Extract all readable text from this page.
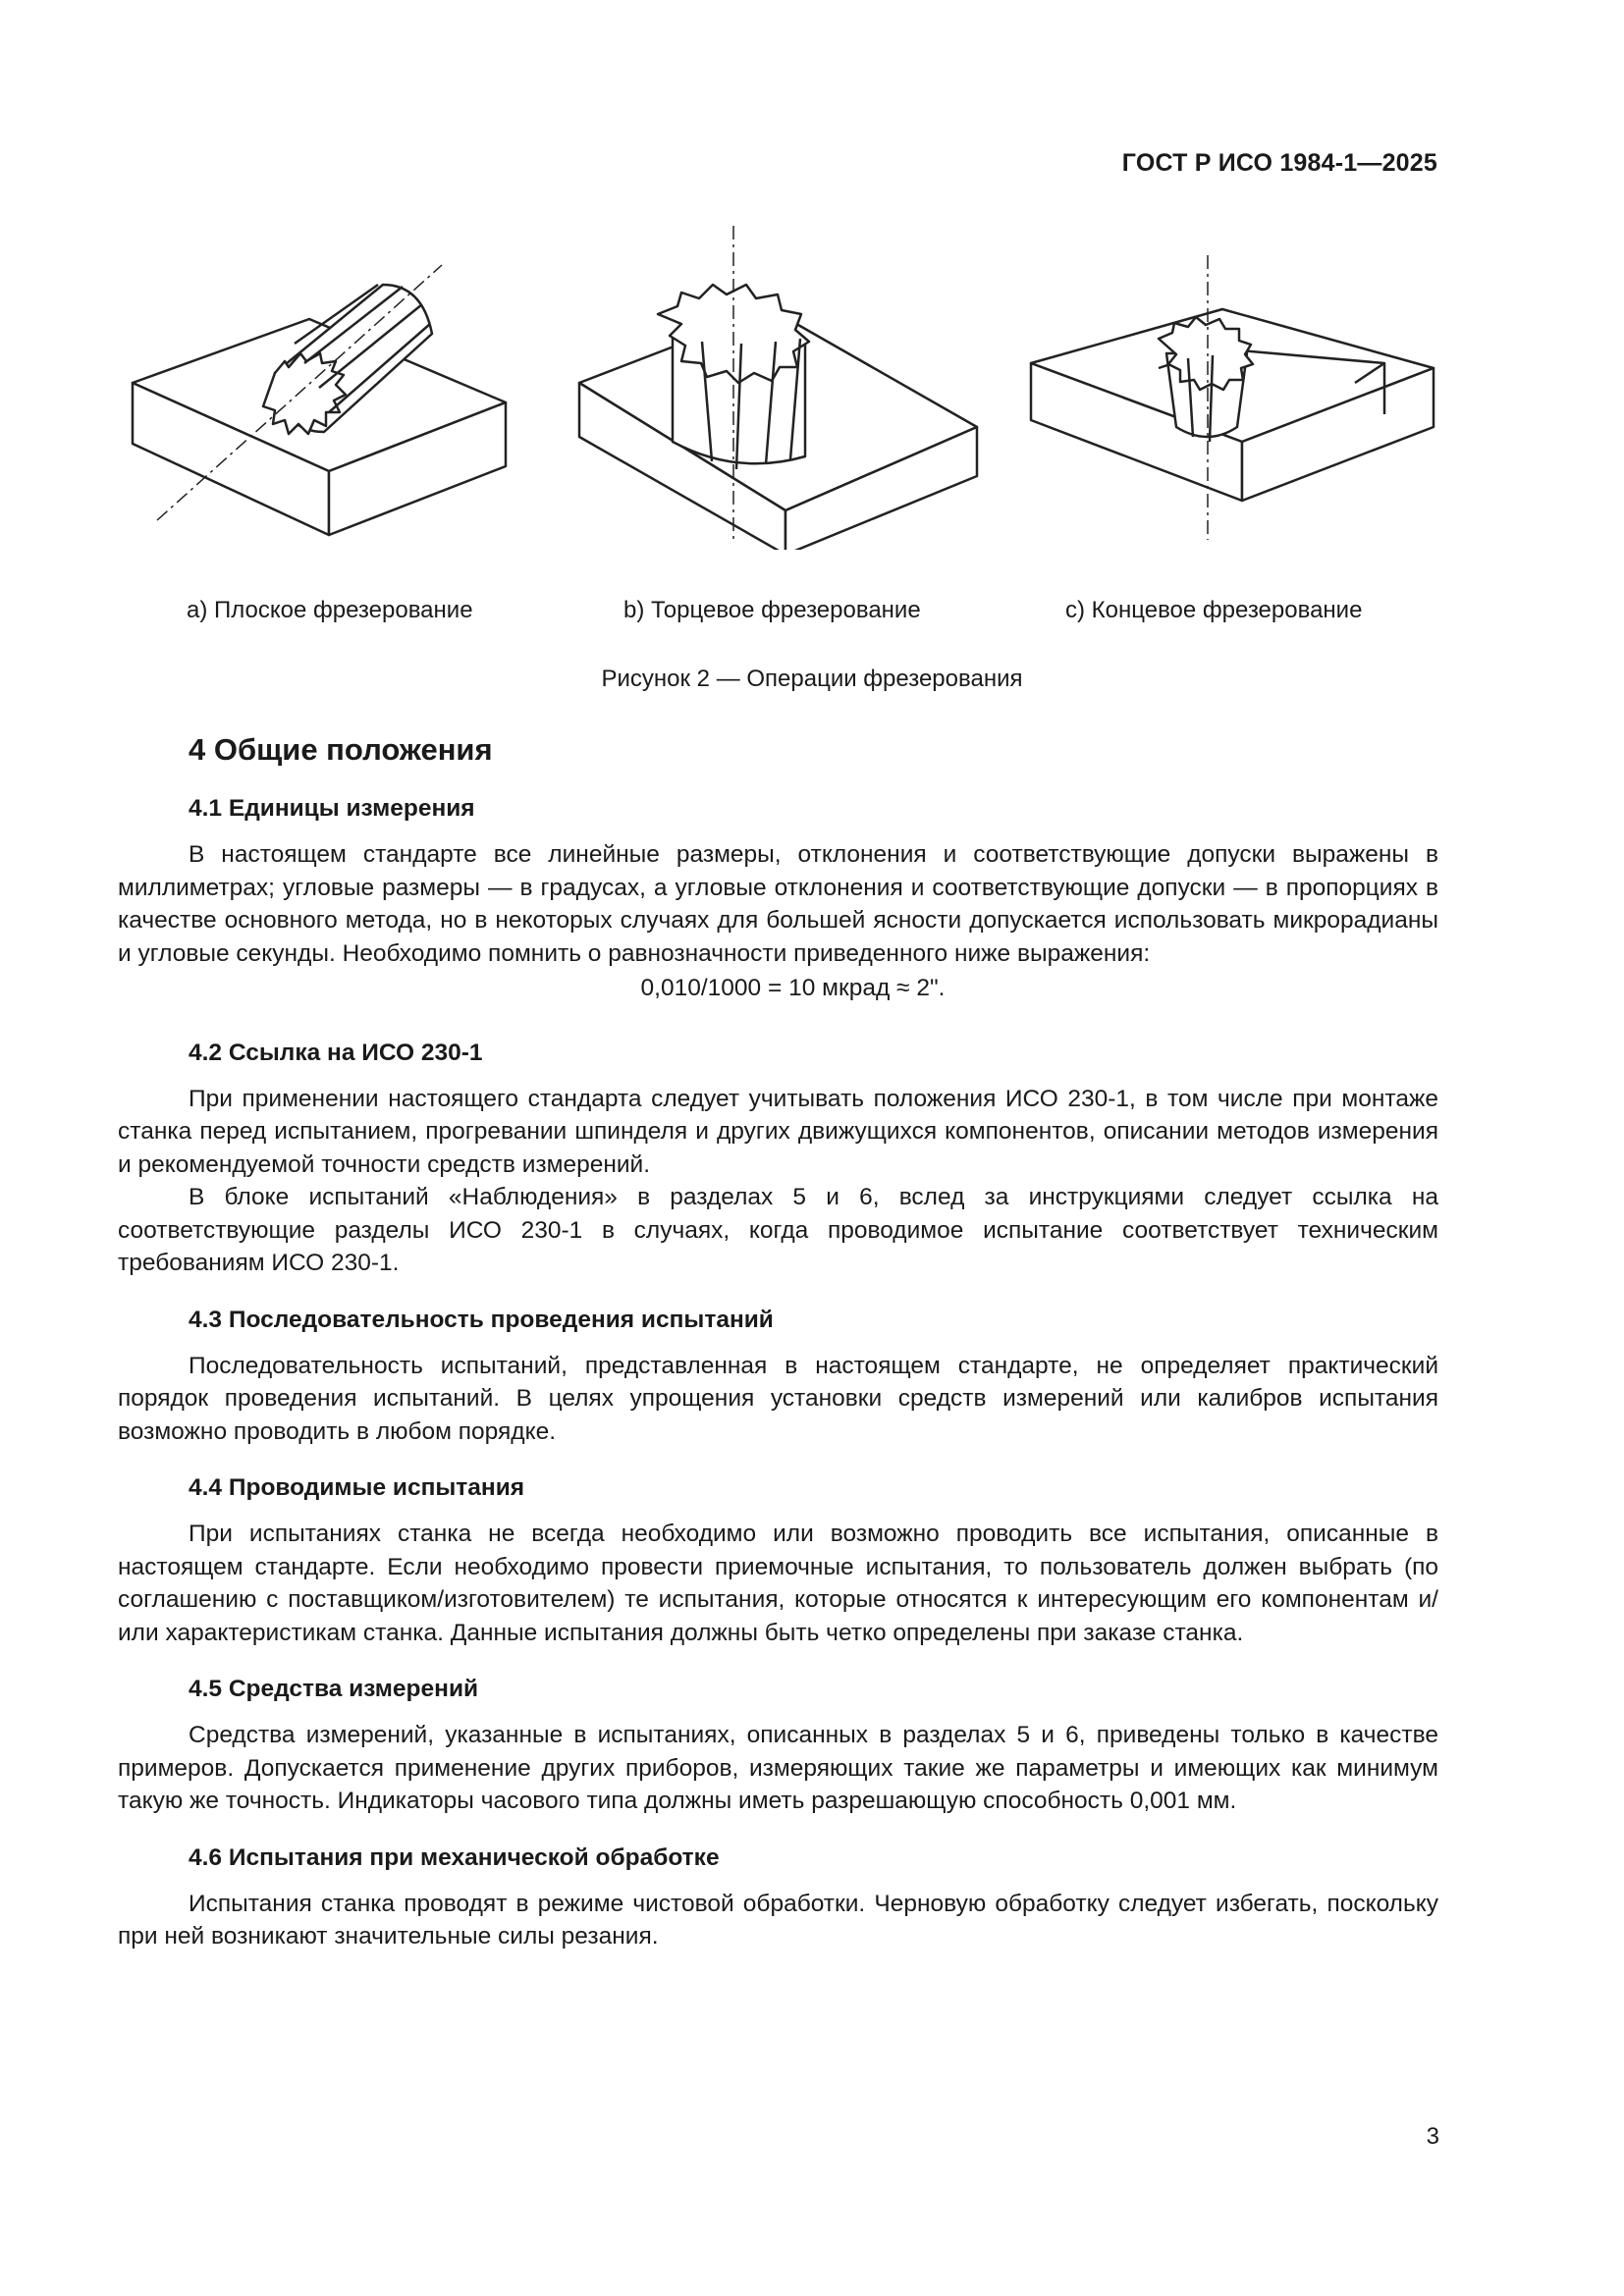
ГОСТ Р ИСО 1984-1—2025
a) Плоское фрезерование	b) Торцевое фрезерование	c) Концевое фрезерование
Рисунок 2 — Операции фрезерования
4 Общие положения
4.1 Единицы измерения

В настоящем стандарте все линейные размеры, отклонения и соответствующие допуски выражены в миллиметрах; угловые размеры — в градусах, а угловые отклонения и соответствующие допуски — в пропорциях в качестве основного метода, но в некоторых случаях для большей ясности допускается использовать микрорадианы и угловые секунды. Необходимо помнить о равнозначности приведенного ниже выражения:

0,010/1000 = 10 мкрад ≈ 2".
4.2 Ссылка на ИСО 230-1

При применении настоящего стандарта следует учитывать положения ИСО 230-1, в том числе при монтаже станка перед испытанием, прогревании шпинделя и других движущихся компонентов, описании методов измерения и рекомендуемой точности средств измерений.

В блоке испытаний «Наблюдения» в разделах 5 и 6, вслед за инструкциями следует ссылка на соответствующие разделы ИСО 230-1 в случаях, когда проводимое испытание соответствует техническим требованиям ИСО 230-1.

4.3 Последовательность проведения испытаний

Последовательность испытаний, представленная в настоящем стандарте, не определяет практический порядок проведения испытаний. В целях упрощения установки средств измерений или калибров испытания возможно проводить в любом порядке.

4.4 Проводимые испытания

При испытаниях станка не всегда необходимо или возможно проводить все испытания, описанные в настоящем стандарте. Если необходимо провести приемочные испытания, то пользователь должен выбрать (по соглашению с поставщиком/изготовителем) те испытания, которые относятся к интересующим его компонентам и/или характеристикам станка. Данные испытания должны быть четко определены при заказе станка.

4.5 Средства измерений

Средства измерений, указанные в испытаниях, описанных в разделах 5 и 6, приведены только в качестве примеров. Допускается применение других приборов, измеряющих такие же параметры и имеющих как минимум такую же точность. Индикаторы часового типа должны иметь разрешающую способность 0,001 мм.

4.6 Испытания при механической обработке

Испытания станка проводят в режиме чистовой обработки. Черновую обработку следует избегать, поскольку при ней возникают значительные силы резания.

3
